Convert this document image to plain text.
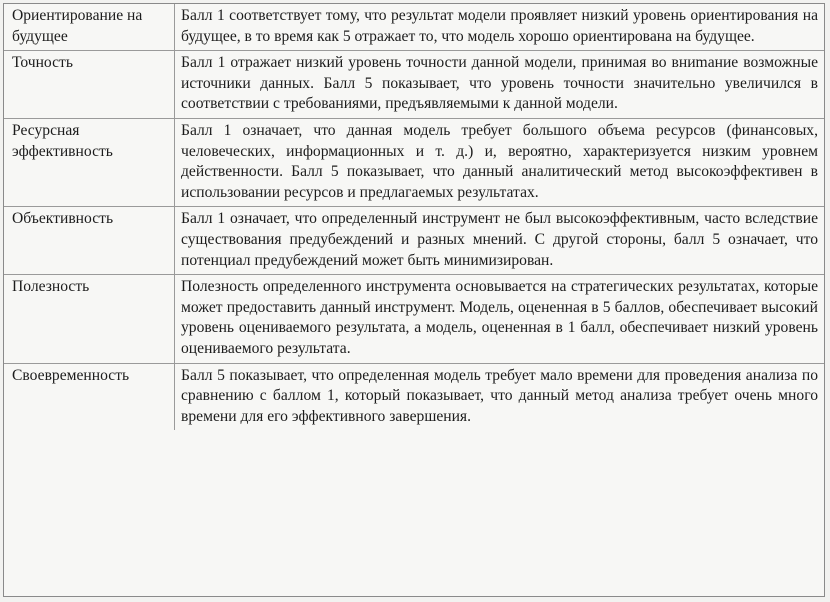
Ориентирование на будущее	Балл 1 соответствует тому, что результат модели проявляет низкий уровень ориентирования на будущее, в то время как 5 отражает то, что модель хорошо ориентирована на будущее.
Точность	Балл 1 отражает низкий уровень точности данной модели, принимая во вниmание возможные источники данных. Балл 5 показывает, что уровень точности значительно увеличился в соответствии с требованиями, предъявляемыми к данной модели.
Ресурсная эффективность	Балл 1 означает, что данная модель требует большого объема ресурсов (финансовых, человеческих, информационных и т. д.) и, вероятно, характеризуется низким уровнем действенности. Балл 5 показывает, что данный аналитический метод высокоэффективен в использовании ресурсов и предлагаемых результатах.
Объективность	Балл 1 означает, что определенный инструмент не был высокоэффективным, часто вследствие существования предубеждений и разных мнений. С другой стороны, балл 5 означает, что потенциал предубеждений может быть минимизирован.
Полезность	Полезность определенного инструмента основывается на стратегических результатах, которые может предоставить данный инструмент. Модель, оцененная в 5 баллов, обеспечивает высокий уровень оцениваемого результата, а модель, оцененная в 1 балл, обеспечивает низкий уровень оцениваемого результата.
Своевременность	Балл 5 показывает, что определенная модель требует мало времени для проведения анализа по сравнению с баллом 1, который показывает, что данный метод анализа требует очень много времени для его эффективного завершения.
